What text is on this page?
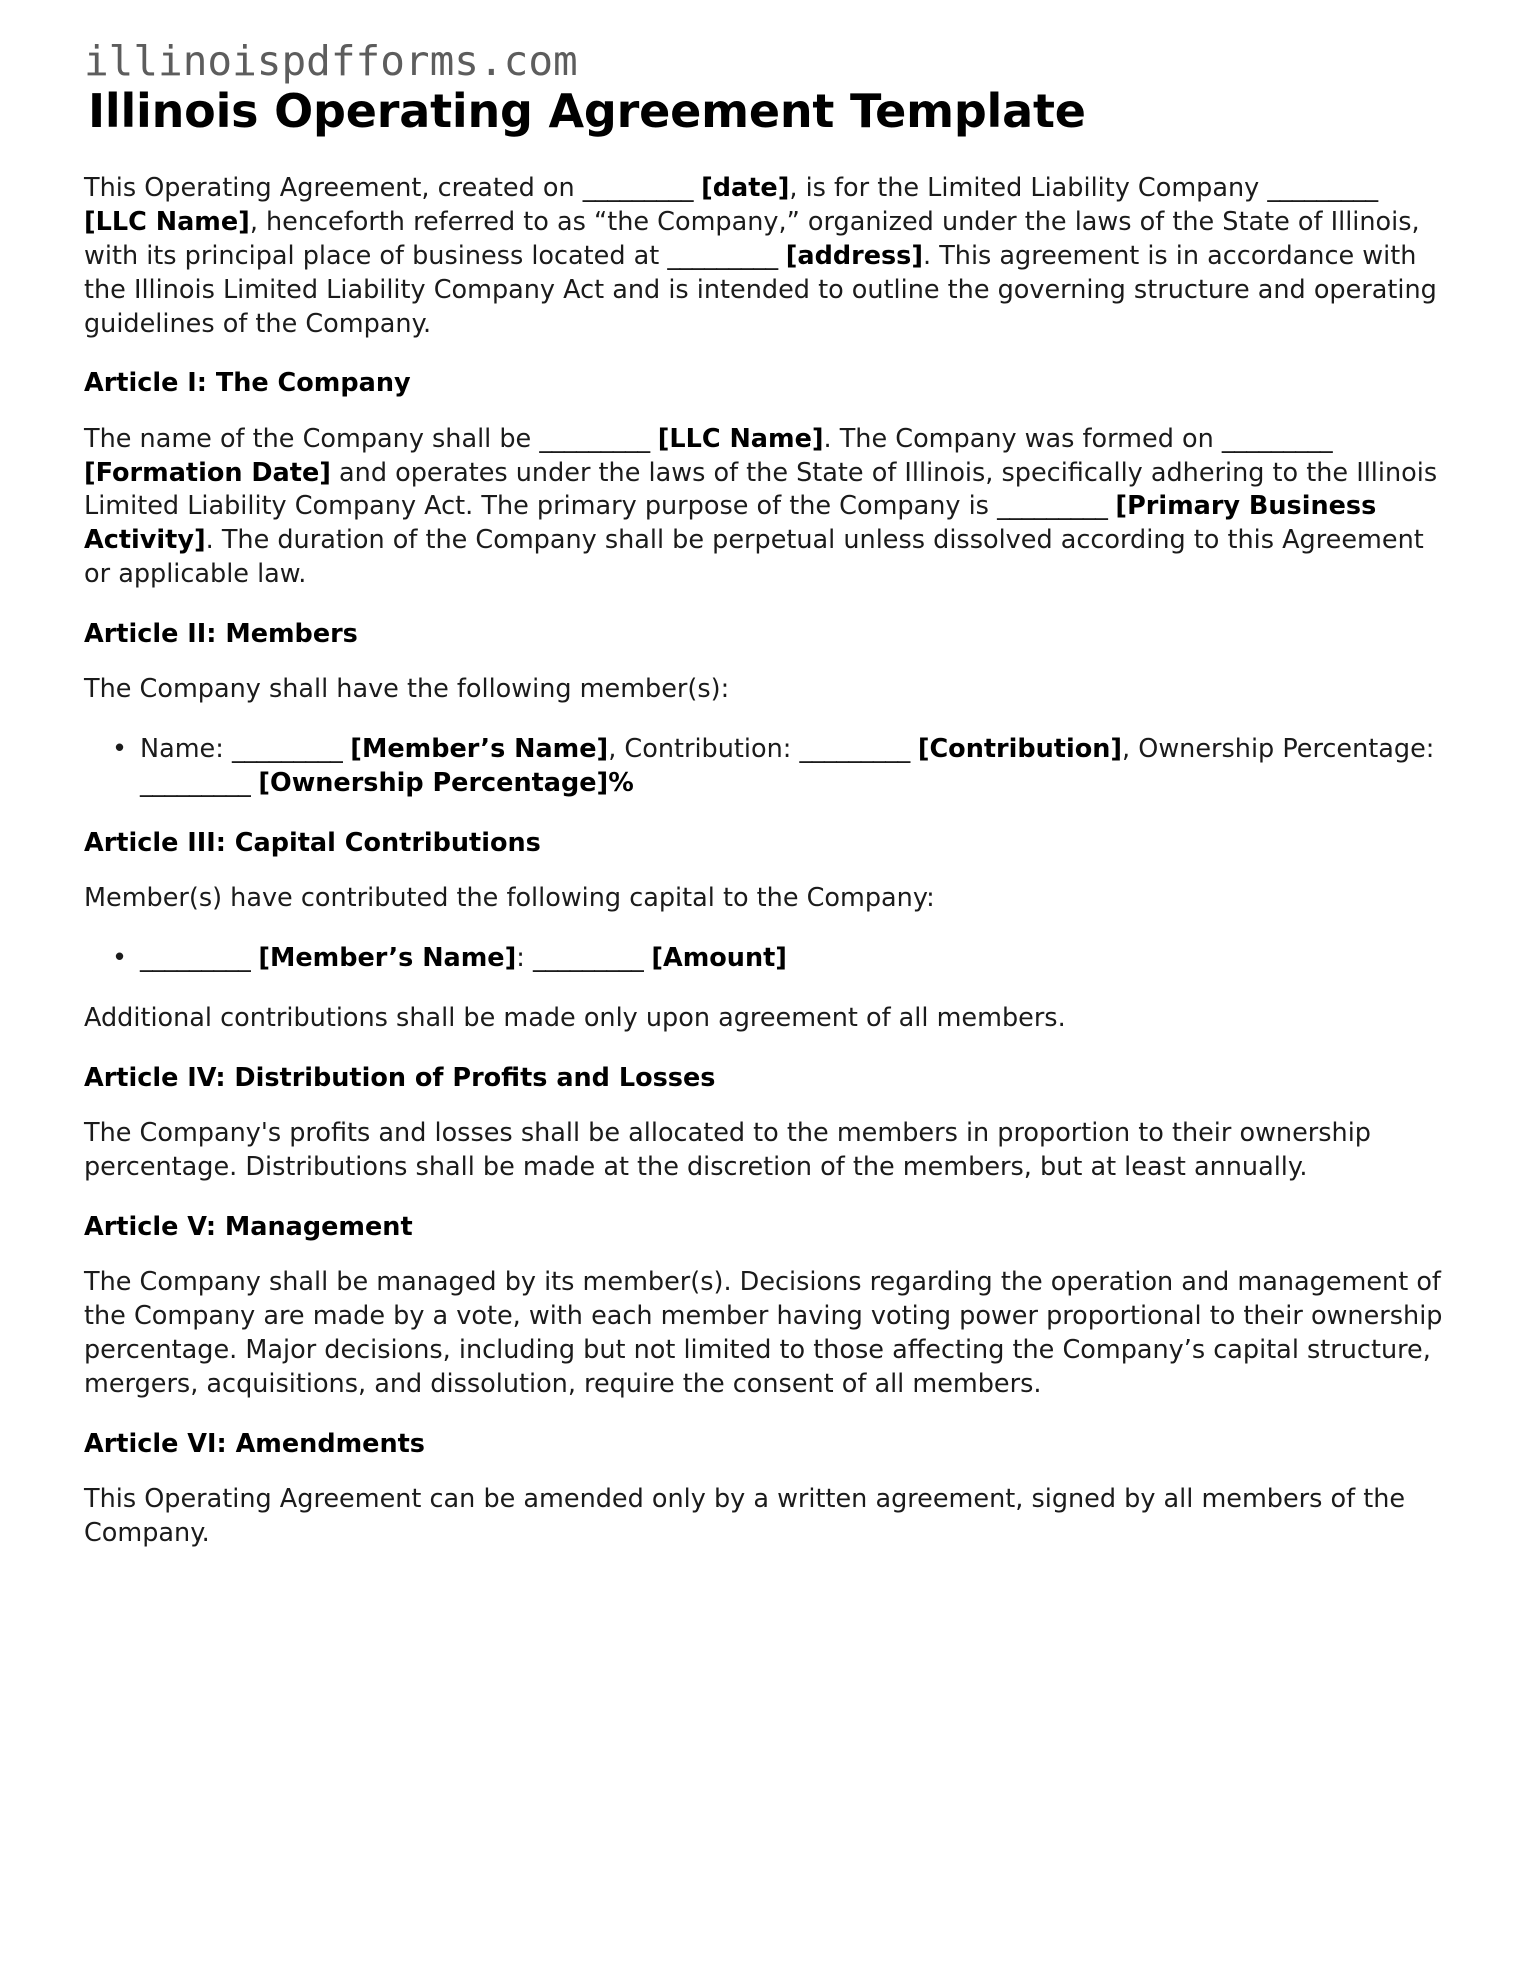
illinoispdfforms.com
Illinois Operating Agreement Template

This Operating Agreement, created on _________ [date], is for the Limited Liability Company _________ [LLC Name], henceforth referred to as “the Company,” organized under the laws of the State of Illinois, with its principal place of business located at _________ [address]. This agreement is in accordance with the Illinois Limited Liability Company Act and is intended to outline the governing structure and operating guidelines of the Company.

Article I: The Company

The name of the Company shall be _________ [LLC Name]. The Company was formed on _________ [Formation Date] and operates under the laws of the State of Illinois, specifically adhering to the Illinois Limited Liability Company Act. The primary purpose of the Company is _________ [Primary Business Activity]. The duration of the Company shall be perpetual unless dissolved according to this Agreement or applicable law.

Article II: Members

The Company shall have the following member(s):

• Name: _________ [Member’s Name], Contribution: _________ [Contribution], Ownership Percentage: _________ [Ownership Percentage]%
Article III: Capital Contributions

Member(s) have contributed the following capital to the Company:

• _________ [Member’s Name]: _________ [Amount]

Additional contributions shall be made only upon agreement of all members.

Article IV: Distribution of Profits and Losses

The Company's profits and losses shall be allocated to the members in proportion to their ownership percentage. Distributions shall be made at the discretion of the members, but at least annually.

Article V: Management

The Company shall be managed by its member(s). Decisions regarding the operation and management of the Company are made by a vote, with each member having voting power proportional to their ownership percentage. Major decisions, including but not limited to those affecting the Company’s capital structure, mergers, acquisitions, and dissolution, require the consent of all members.

Article VI: Amendments

This Operating Agreement can be amended only by a written agreement, signed by all members of the Company.
